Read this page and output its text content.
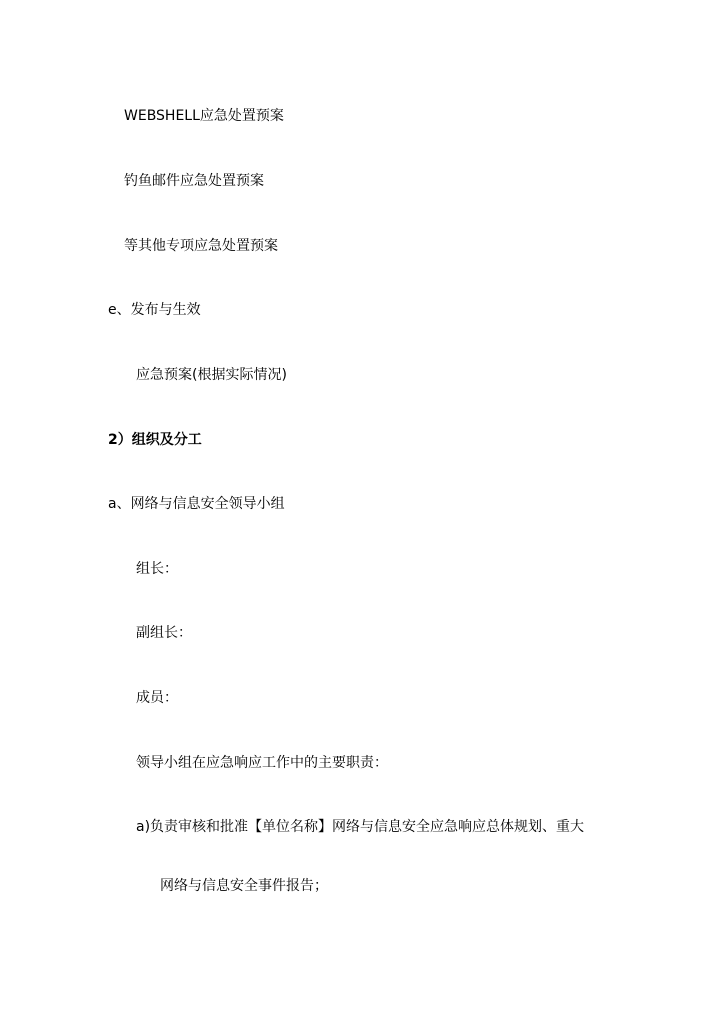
WEBSHELL应急处置预案
钓鱼邮件应急处置预案
等其他专项应急处置预案
e、发布与生效
应急预案(根据实际情况)
2）组织及分工
a、网络与信息安全领导小组
组长：
副组长：
成员：
领导小组在应急响应工作中的主要职责：
a)负责审核和批准【单位名称】网络与信息安全应急响应总体规划、重大
网络与信息安全事件报告；
